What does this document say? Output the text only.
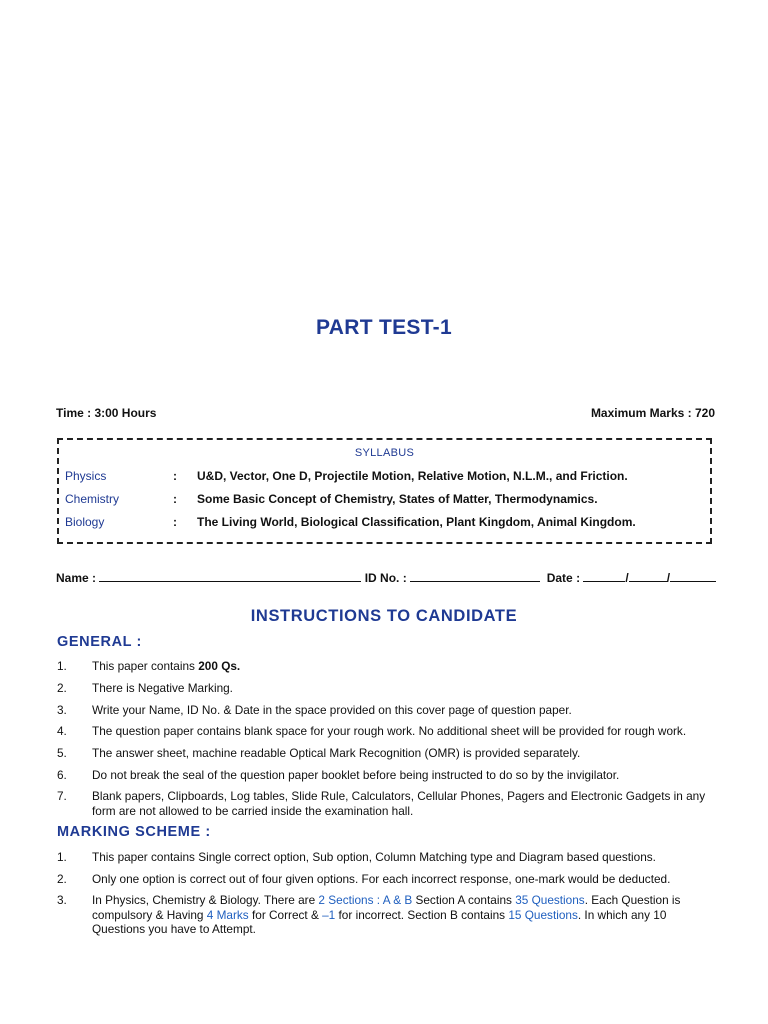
PART TEST-1
Time : 3:00 Hours	Maximum Marks : 720
SYLLABUS
Physics	:	U&D, Vector, One D, Projectile Motion, Relative Motion, N.L.M., and Friction.
Chemistry	:	Some Basic Concept of Chemistry, States of Matter, Thermodynamics.
Biology	:	The Living World, Biological Classification, Plant Kingdom, Animal Kingdom.
Name :	ID No. :	Date :	/	/
INSTRUCTIONS TO CANDIDATE
GENERAL :
1.	This paper contains 200 Qs.
2.	There is Negative Marking.
3.	Write your Name, ID No. & Date in the space provided on this cover page of question paper.
4.	The question paper contains blank space for your rough work. No additional sheet will be provided for rough work.
5.	The answer sheet, machine readable Optical Mark Recognition (OMR) is provided separately.
6.	Do not break the seal of the question paper booklet before being instructed to do so by the invigilator.
7.	Blank papers, Clipboards, Log tables, Slide Rule, Calculators, Cellular Phones, Pagers and Electronic Gadgets in any form are not allowed to be carried inside the examination hall.
MARKING SCHEME :
1.	This paper contains Single correct option, Sub option, Column Matching type and Diagram based questions.
2.	Only one option is correct out of four given options. For each incorrect response, one-mark would be deducted.
3.	In Physics, Chemistry & Biology. There are 2 Sections : A & B Section A contains 35 Questions. Each Question is compulsory & Having 4 Marks for Correct & –1 for incorrect. Section B contains 15 Questions. In which any 10 Questions you have to Attempt.
